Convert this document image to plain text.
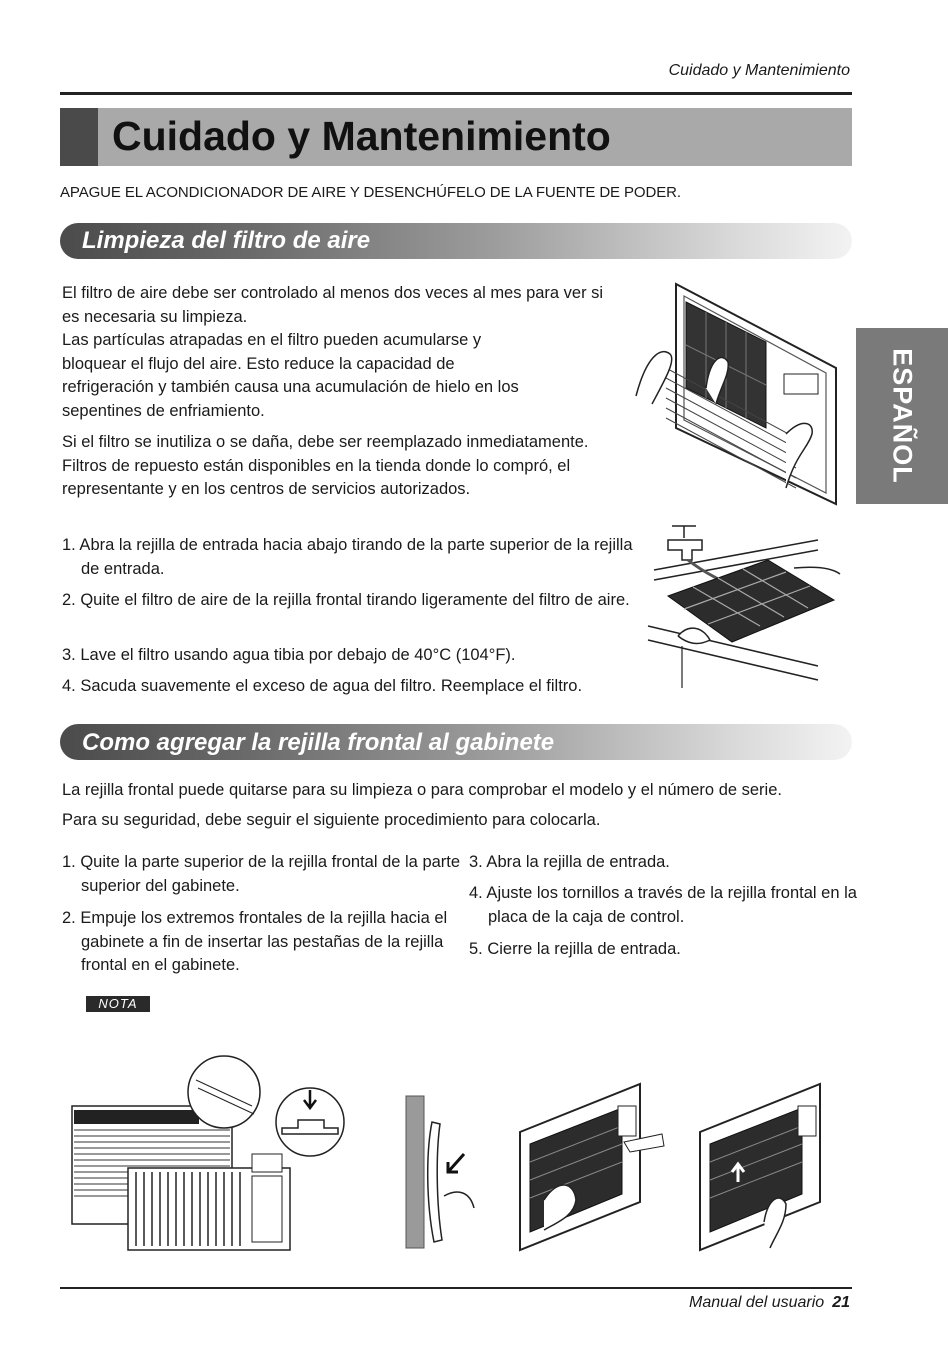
Cuidado y Mantenimiento
Cuidado y Mantenimiento
APAGUE EL ACONDICIONADOR DE AIRE Y DESENCHÚFELO DE LA FUENTE DE PODER.
ESPAÑOL
Limpieza del filtro de aire
El filtro de aire debe ser controlado al menos dos veces al mes para ver si es necesaria su limpieza.
Las partículas atrapadas en el filtro pueden acumularse y bloquear el flujo del aire. Esto reduce la capacidad de refrigeración y también causa una acumulación de hielo en los sepentines de enfriamiento.
Si el filtro se inutiliza o se daña, debe ser reemplazado inmediatamente. Filtros de repuesto están disponibles en la tienda donde lo compró, el representante y en los centros de servicios autorizados.
1. Abra la rejilla de entrada hacia abajo tirando de la parte superior de la rejilla de entrada.
2. Quite el filtro de aire de la rejilla frontal tirando ligeramente del filtro de aire.
3. Lave el filtro usando agua tibia por debajo de 40°C (104°F).
4. Sacuda suavemente el exceso de agua del filtro. Reemplace el filtro.
Como agregar la rejilla frontal al gabinete
La rejilla frontal puede quitarse para su limpieza o para comprobar el modelo y el número de serie.
Para su seguridad, debe seguir el siguiente procedimiento para colocarla.
1. Quite la parte superior de la rejilla frontal de la parte superior del gabinete.
2. Empuje los extremos frontales de la rejilla hacia el gabinete a fin de insertar las pestañas de la rejilla frontal en el gabinete.
3. Abra la rejilla de entrada.
4. Ajuste los tornillos a través de la rejilla frontal en la placa de la caja de control.
5. Cierre la rejilla de entrada.
NOTA
Manual del usuario 21
